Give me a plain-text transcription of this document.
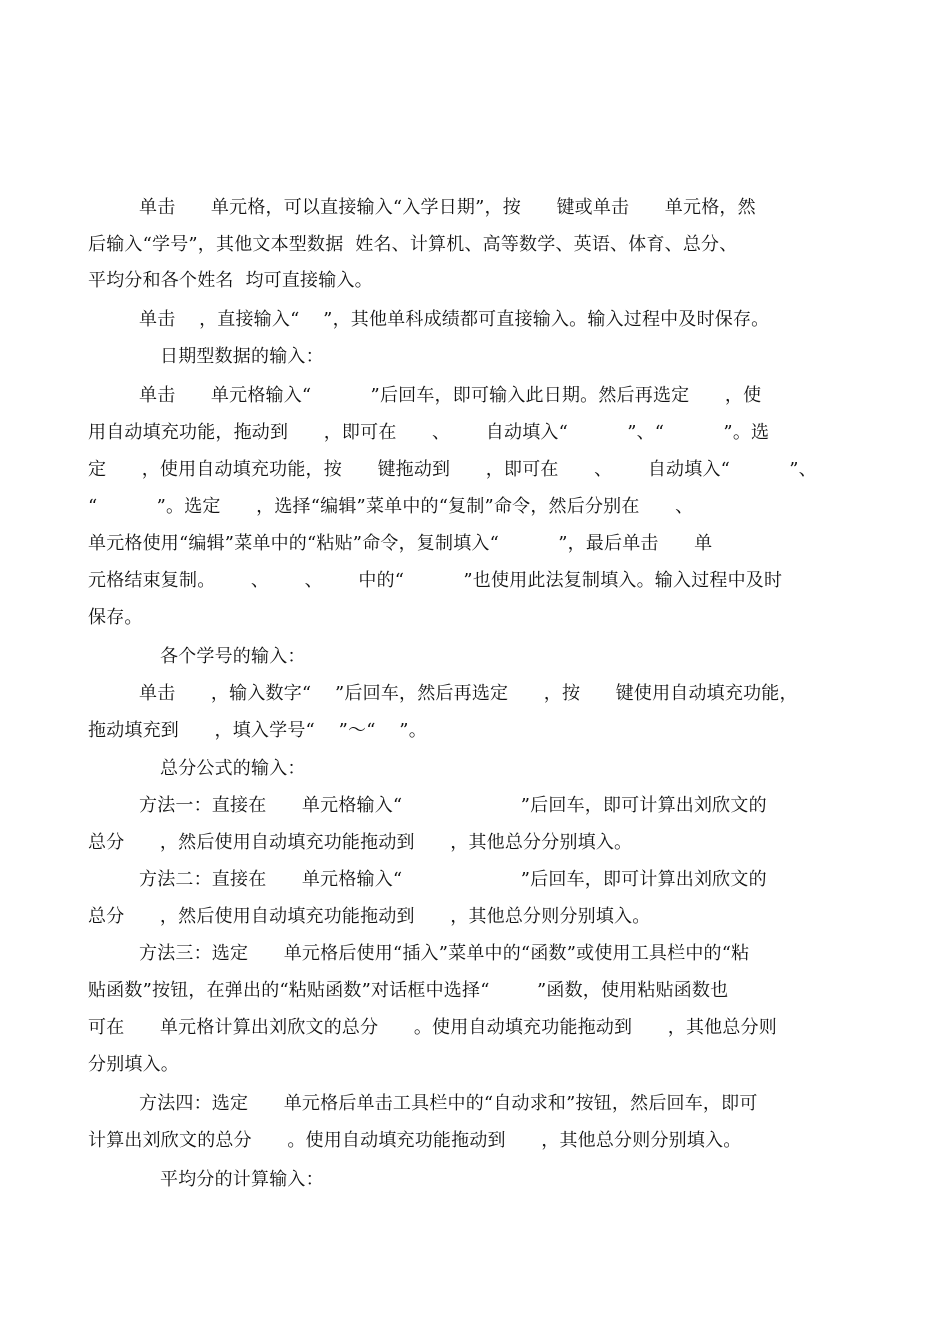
单击      单元格，可以直接输入“入学日期”，按      键或单击      单元格，然
后输入“学号”，其他文本型数据  姓名、计算机、高等数学、英语、体育、总分、
平均分和各个姓名  均可直接输入。
单击    ，直接输入“    ”，其他单科成绩都可直接输入。输入过程中及时保存。
日期型数据的输入：
单击      单元格输入“          ”后回车，即可输入此日期。然后再选定      ，使
用自动填充功能，拖动到      ，即可在      、      自动填入“          ”、“          ”。选
定      ，使用自动填充功能，按      键拖动到      ，即可在      、      自动填入“          ”、
“          ”。选定      ，选择“编辑”菜单中的“复制”命令，然后分别在      、
单元格使用“编辑”菜单中的“粘贴”命令，复制填入“          ”，最后单击      单
元格结束复制。      、      、      中的“          ”也使用此法复制填入。输入过程中及时
保存。
各个学号的输入：
单击      ，输入数字“    ”后回车，然后再选定      ，按      键使用自动填充功能，
拖动填充到      ，填入学号“    ”～“    ”。
总分公式的输入：
方法一：直接在      单元格输入“                    ”后回车，即可计算出刘欣文的
总分      ，然后使用自动填充功能拖动到      ，其他总分分别填入。
方法二：直接在      单元格输入“                    ”后回车，即可计算出刘欣文的
总分      ，然后使用自动填充功能拖动到      ，其他总分则分别填入。
方法三：选定      单元格后使用“插入”菜单中的“函数”或使用工具栏中的“粘
贴函数”按钮，在弹出的“粘贴函数”对话框中选择“        ”函数，使用粘贴函数也
可在      单元格计算出刘欣文的总分      。使用自动填充功能拖动到      ，其他总分则
分别填入。
方法四：选定      单元格后单击工具栏中的“自动求和”按钮，然后回车，即可
计算出刘欣文的总分      。使用自动填充功能拖动到      ，其他总分则分别填入。
平均分的计算输入：
